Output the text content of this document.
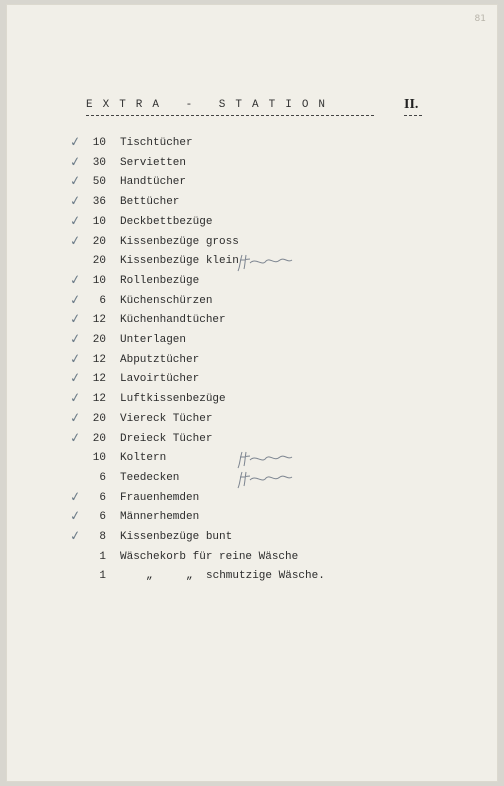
81
EXTRA - STATION	II.
✓ 10 Tischtücher
✓ 30 Servietten
✓ 50 Handtücher
✓ 36 Bettücher
✓ 10 Deckbettbezüge
✓ 20 Kissenbezüge gross
20 Kissenbezüge klein
✓ 10 Rollenbezüge
✓	6 Küchenschürzen
✓ 12 Küchenhandtücher
✓ 20 Unterlagen
✓ 12 Abputztücher
✓ 12 Lavoirtücher
✓ 12 Luftkissenbezüge
✓ 20 Viereck Tücher
✓ 20 Dreieck Tücher
10 Koltern
6 Teedecken
✓	6 Frauenhemden
✓	6 Männerhemden
✓	8 Kissenbezüge bunt
1 Wäschekorb für reine Wäsche
1	„	„ schmutzige Wäsche.
